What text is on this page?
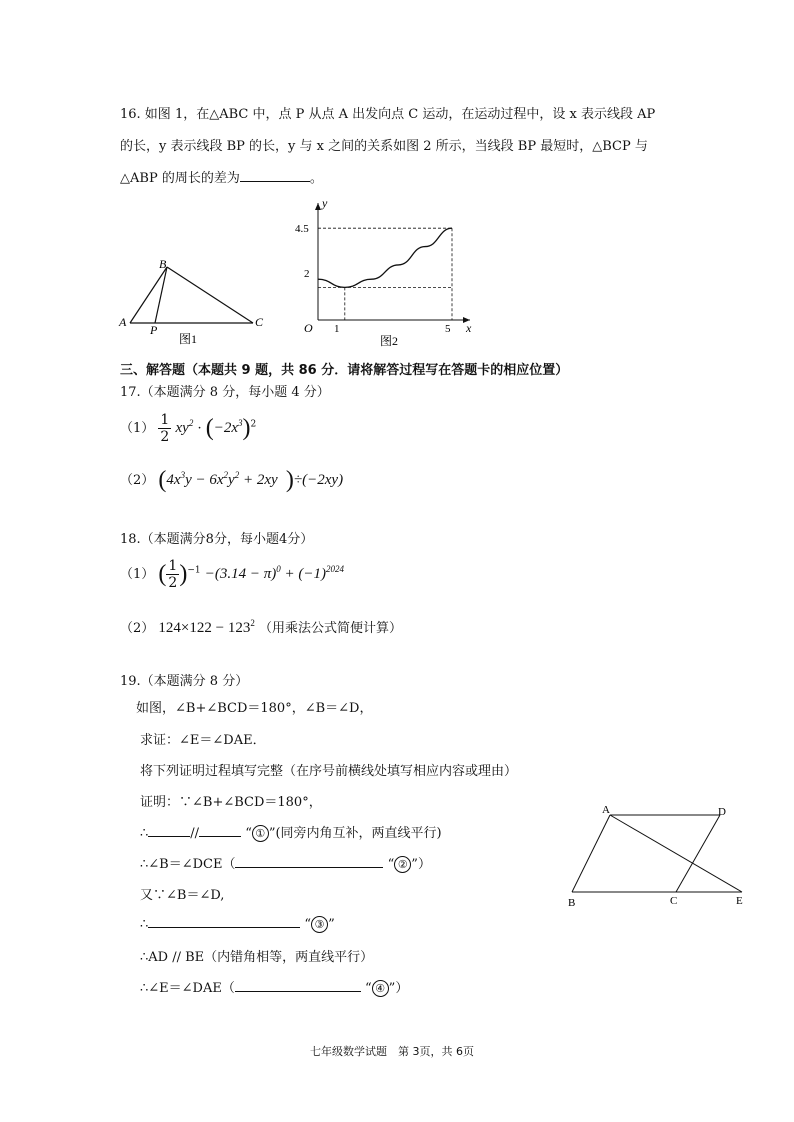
16. 如图 1，在△ABC 中，点 P 从点 A 出发向点 C 运动，在运动过程中，设 x 表示线段 AP
的长，y 表示线段 BP 的长，y 与 x 之间的关系如图 2 所示，当线段 BP 最短时，△BCP 与
△ABP 的周长的差为	。
B
A	C
P
图1
4.5
2
O 1	5 x
y
图2
三、解答题（本题共 9 题，共 86 分．请将解答过程写在答题卡的相应位置）
17.（本题满分 8 分，每小题 4 分）
$(1) \frac{1}{2} xy^2 \cdot (-2x^3)^2$
（2） ($4x^3y - 6x^2y^2 + 2xy$ )÷(−2xy)
18.（本题满分8分，每小题4分）
（1） ( $\frac{1}{2} )^{-1} -(3.14 - \pi)^0 + (-1)^{2024}$
（2） $124\times 122 - 123^2$ （用乘法公式简便计算）
19.（本题满分 8 分）
如图，∠B+∠BCD＝180°，∠B＝∠D，
求证：∠E＝∠DAE．
将下列证明过程填写完整（在序号前横线处填写相应内容或理由）
证明：∵∠B+∠BCD＝180°，
∴	//	“ ① ”(同旁内角互补，两直线平行)
∴∠B＝∠DCE（	“ ② ”）
又∵∠B＝∠D,
∴	“ ③ ”
∴AD // BE（内错角相等，两直线平行）
∴∠E＝∠DAE（	“ ④ ”）
A	D
B	C	E
七年级数学试题　第 3页，共 6页
